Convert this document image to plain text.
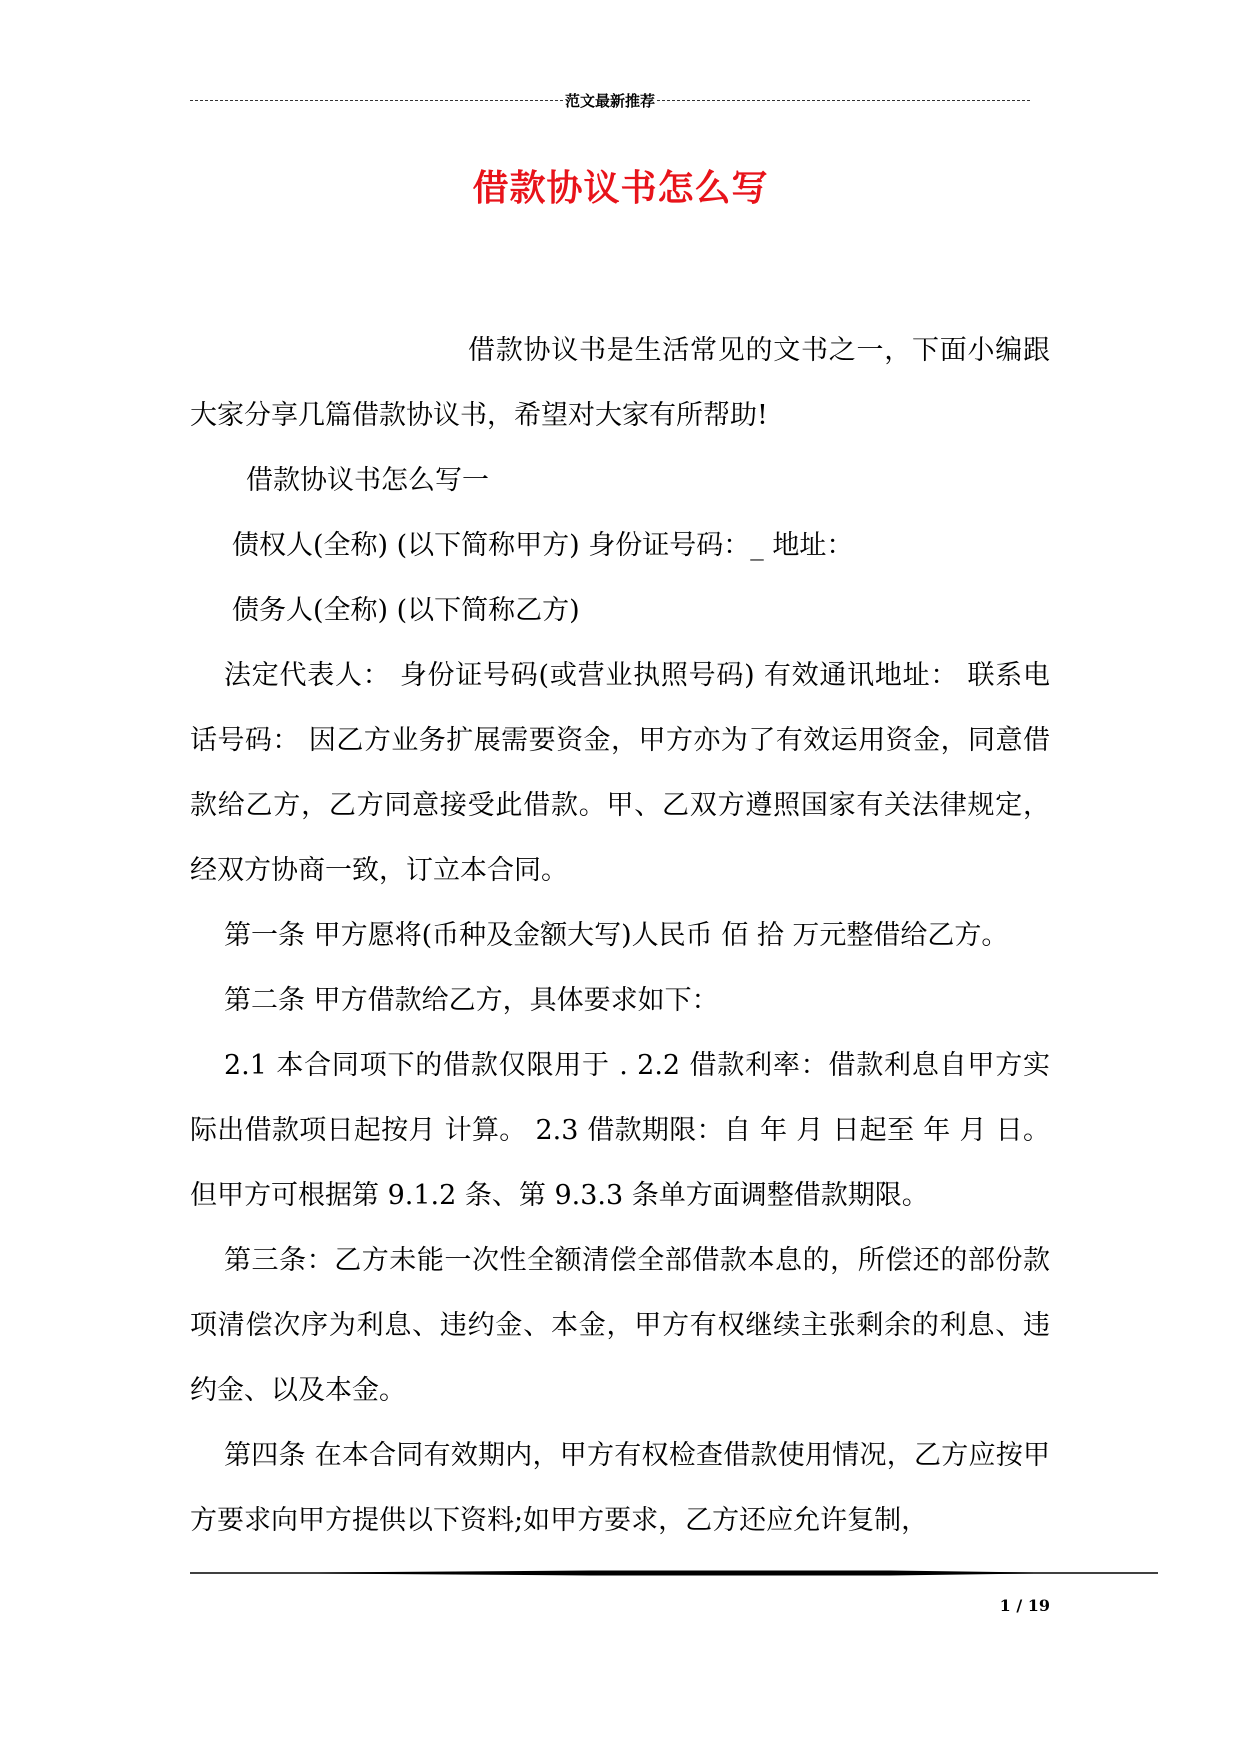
范文最新推荐
借款协议书怎么写

借款协议书是生活常见的文书之一，下面小编跟大家分享几篇借款协议书，希望对大家有所帮助!

借款协议书怎么写一

债权人(全称) (以下简称甲方) 身份证号码：_ 地址：

债务人(全称) (以下简称乙方)

法定代表人： 身份证号码(或营业执照号码) 有效通讯地址： 联系电话号码： 因乙方业务扩展需要资金，甲方亦为了有效运用资金，同意借款给乙方，乙方同意接受此借款。甲、乙双方遵照国家有关法律规定，经双方协商一致，订立本合同。

第一条 甲方愿将(币种及金额大写)人民币 佰 拾 万元整借给乙方。

第二条 甲方借款给乙方，具体要求如下：

2.1 本合同项下的借款仅限用于 . 2.2 借款利率：借款利息自甲方实际出借款项日起按月 计算。 2.3 借款期限：自 年 月 日起至 年 月 日。但甲方可根据第 9.1.2 条、第 9.3.3 条单方面调整借款期限。

第三条：乙方未能一次性全额清偿全部借款本息的，所偿还的部份款项清偿次序为利息、违约金、本金，甲方有权继续主张剩余的利息、违约金、以及本金。

第四条 在本合同有效期内，甲方有权检查借款使用情况，乙方应按甲方要求向甲方提供以下资料;如甲方要求，乙方还应允许复制，

1 / 19
